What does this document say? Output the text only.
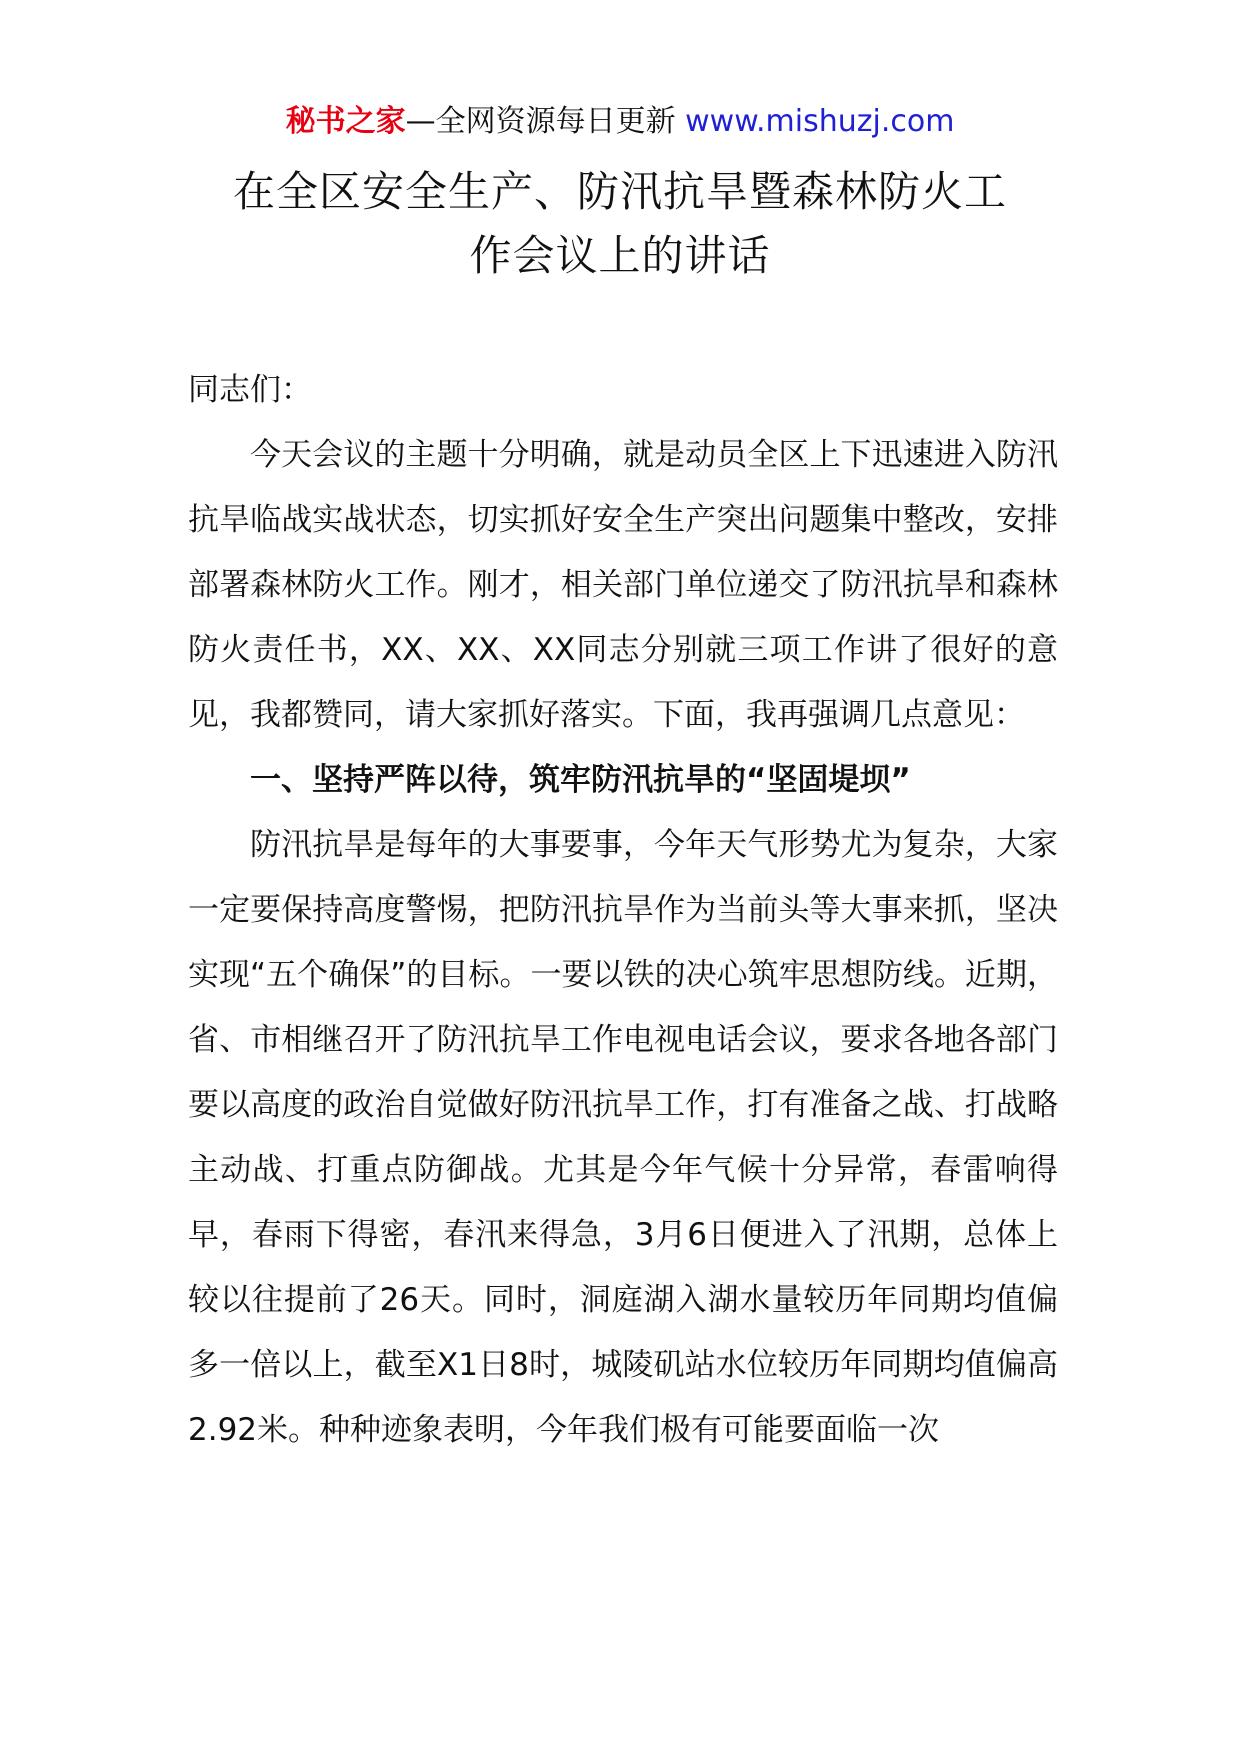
秘书之家—全网资源每日更新 www.mishuzj.com
在全区安全生产、防汛抗旱暨森林防火工
作会议上的讲话

同志们：

今天会议的主题十分明确，就是动员全区上下迅速进入防汛抗旱临战实战状态，切实抓好安全生产突出问题集中整改，安排部署森林防火工作。刚才，相关部门单位递交了防汛抗旱和森林防火责任书，XX、XX、XX同志分别就三项工作讲了很好的意见，我都赞同，请大家抓好落实。下面，我再强调几点意见：

一、坚持严阵以待，筑牢防汛抗旱的“坚固堤坝”

防汛抗旱是每年的大事要事，今年天气形势尤为复杂，大家一定要保持高度警惕，把防汛抗旱作为当前头等大事来抓，坚决实现“五个确保”的目标。一要以铁的决心筑牢思想防线。近期，省、市相继召开了防汛抗旱工作电视电话会议，要求各地各部门要以高度的政治自觉做好防汛抗旱工作，打有准备之战、打战略主动战、打重点防御战。尤其是今年气候十分异常，春雷响得早，春雨下得密，春汛来得急，3月6日便进入了汛期，总体上较以往提前了26天。同时，洞庭湖入湖水量较历年同期均值偏多一倍以上，截至X1日8时，城陵矶站水位较历年同期均值偏高2.92米。种种迹象表明，今年我们极有可能要面临一次
